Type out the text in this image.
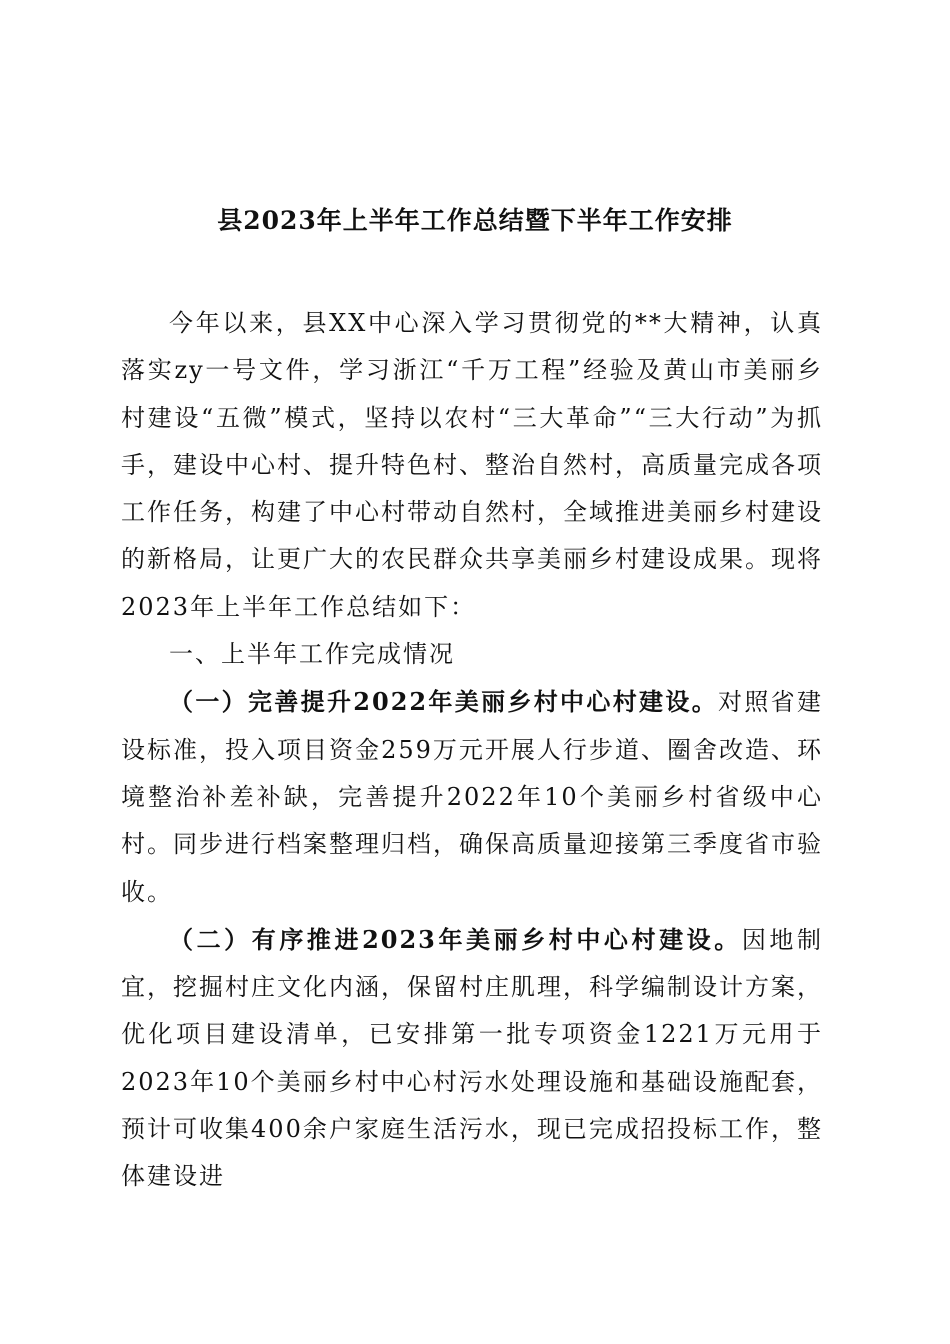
县2023年上半年工作总结暨下半年工作安排

今年以来，县XX中心深入学习贯彻党的**大精神，认真落实zy一号文件，学习浙江“千万工程”经验及黄山市美丽乡村建设“五微”模式，坚持以农村“三大革命”“三大行动”为抓手，建设中心村、提升特色村、整治自然村，高质量完成各项工作任务，构建了中心村带动自然村，全域推进美丽乡村建设的新格局，让更广大的农民群众共享美丽乡村建设成果。现将2023年上半年工作总结如下：

一、上半年工作完成情况

（一）完善提升2022年美丽乡村中心村建设。对照省建设标准，投入项目资金259万元开展人行步道、圈舍改造、环境整治补差补缺，完善提升2022年10个美丽乡村省级中心村。同步进行档案整理归档，确保高质量迎接第三季度省市验收。

（二）有序推进2023年美丽乡村中心村建设。因地制宜，挖掘村庄文化内涵，保留村庄肌理，科学编制设计方案，优化项目建设清单，已安排第一批专项资金1221万元用于2023年10个美丽乡村中心村污水处理设施和基础设施配套，预计可收集400余户家庭生活污水，现已完成招投标工作，整体建设进
